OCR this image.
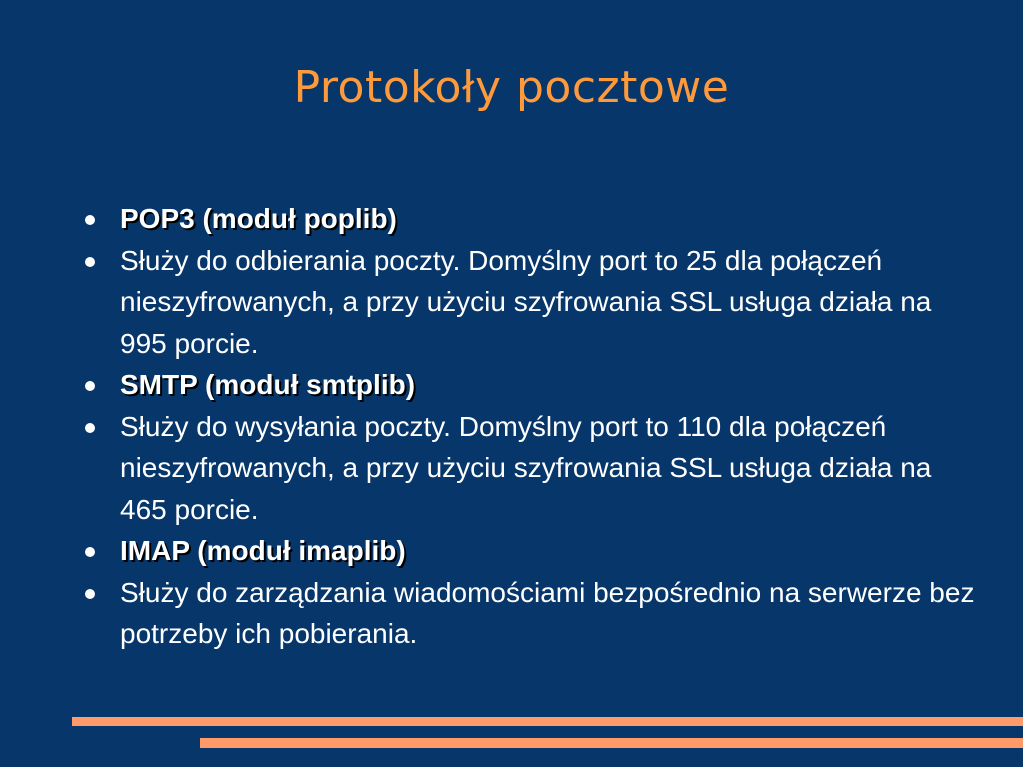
Protokoły pocztowe
POP3 (moduł poplib)
Służy do odbierania poczty. Domyślny port to 25 dla połączeń nieszyfrowanych, a przy użyciu szyfrowania SSL usługa działa na 995 porcie.
SMTP (moduł smtplib)
Służy do wysyłania poczty. Domyślny port to 110 dla połączeń nieszyfrowanych, a przy użyciu szyfrowania SSL usługa działa na 465 porcie.
IMAP (moduł imaplib)
Służy do zarządzania wiadomościami bezpośrednio na serwerze bez potrzeby ich pobierania.
